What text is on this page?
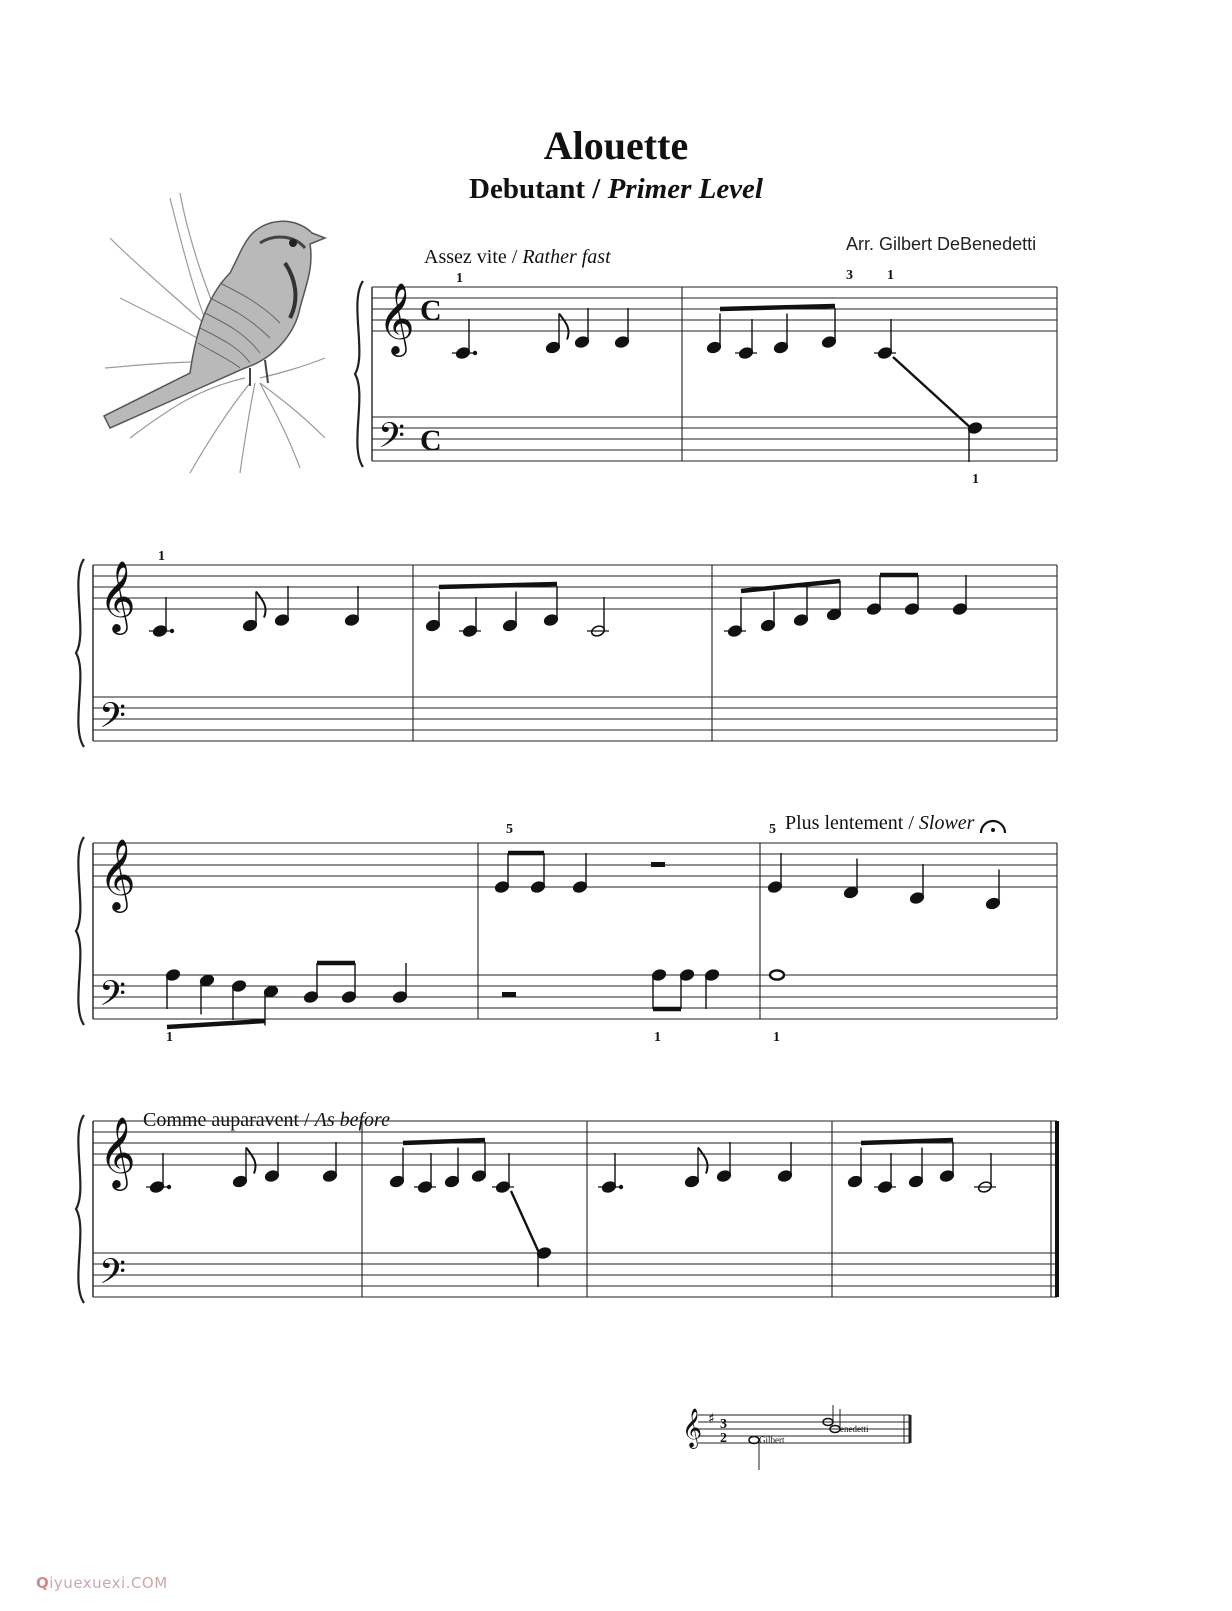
Alouette
Debutant / Primer Level
Arr. Gilbert DeBenedetti
Assez vite / Rather fast
Plus lentement / Slower
Comme auparavent / As before
𝄞
𝄢
C
C
𝄞
𝄢
𝄞
𝄢
𝄞
𝄢
1	3 1
1
1
1
5
1
5
1
𝄞 ♯ 3
2	Gilbert
enedetti
Qiyuexuexi.COM
